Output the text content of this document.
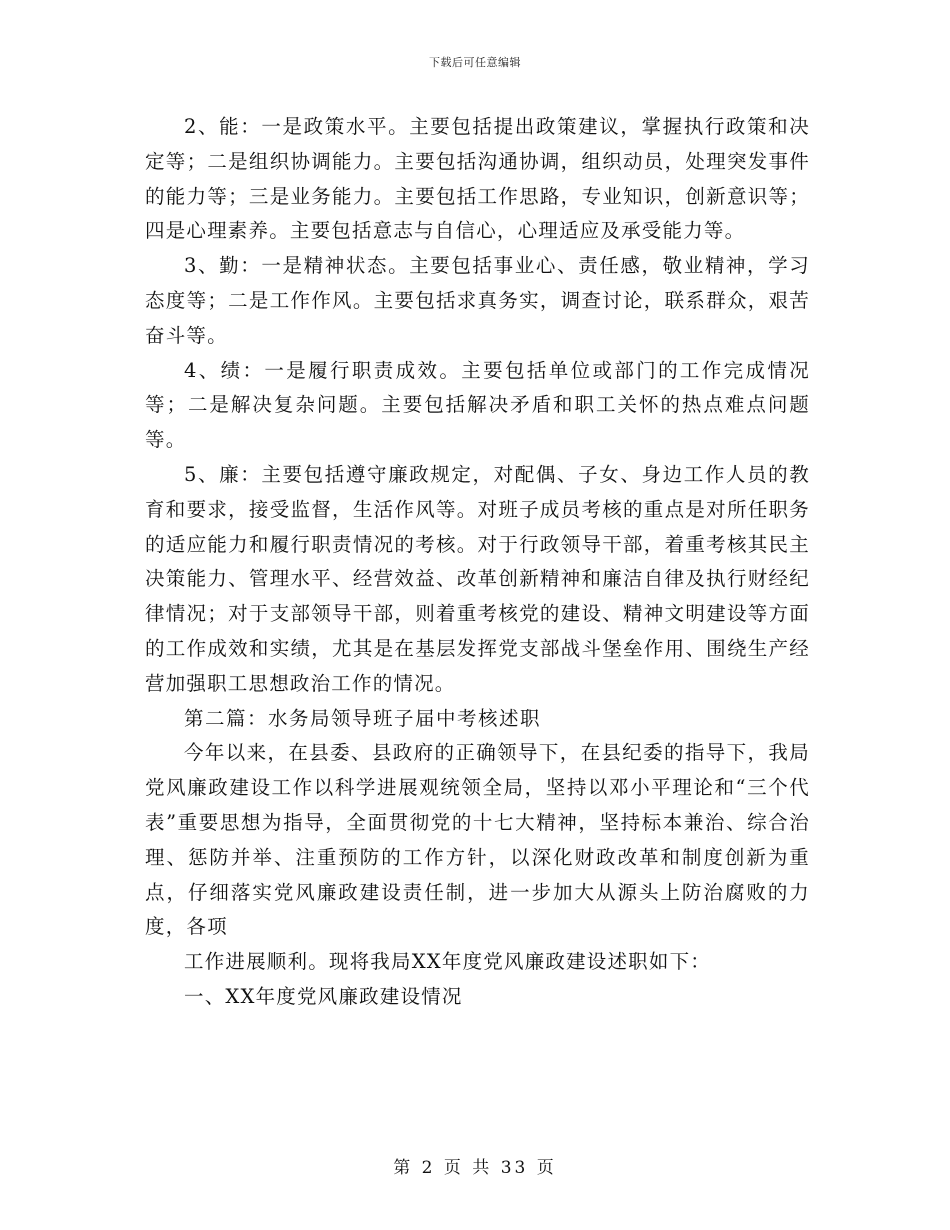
下载后可任意编辑

2、能：一是政策水平。主要包括提出政策建议，掌握执行政策和决定等；二是组织协调能力。主要包括沟通协调，组织动员，处理突发事件的能力等；三是业务能力。主要包括工作思路，专业知识，创新意识等；四是心理素养。主要包括意志与自信心，心理适应及承受能力等。

3、勤：一是精神状态。主要包括事业心、责任感，敬业精神，学习态度等；二是工作作风。主要包括求真务实，调查讨论，联系群众，艰苦奋斗等。

4、绩：一是履行职责成效。主要包括单位或部门的工作完成情况等；二是解决复杂问题。主要包括解决矛盾和职工关怀的热点难点问题等。

5、廉：主要包括遵守廉政规定，对配偶、子女、身边工作人员的教育和要求，接受监督，生活作风等。对班子成员考核的重点是对所任职务的适应能力和履行职责情况的考核。对于行政领导干部，着重考核其民主决策能力、管理水平、经营效益、改革创新精神和廉洁自律及执行财经纪律情况；对于支部领导干部，则着重考核党的建设、精神文明建设等方面的工作成效和实绩，尤其是在基层发挥党支部战斗堡垒作用、围绕生产经营加强职工思想政治工作的情况。

第二篇：水务局领导班子届中考核述职

今年以来，在县委、县政府的正确领导下，在县纪委的指导下，我局党风廉政建设工作以科学进展观统领全局，坚持以邓小平理论和“三个代表”重要思想为指导，全面贯彻党的十七大精神，坚持标本兼治、综合治理、惩防并举、注重预防的工作方针，以深化财政改革和制度创新为重点，仔细落实党风廉政建设责任制，进一步加大从源头上防治腐败的力度，各项

工作进展顺利。现将我局XX年度党风廉政建设述职如下：

一、XX年度党风廉政建设情况

第 2 页 共 33 页
